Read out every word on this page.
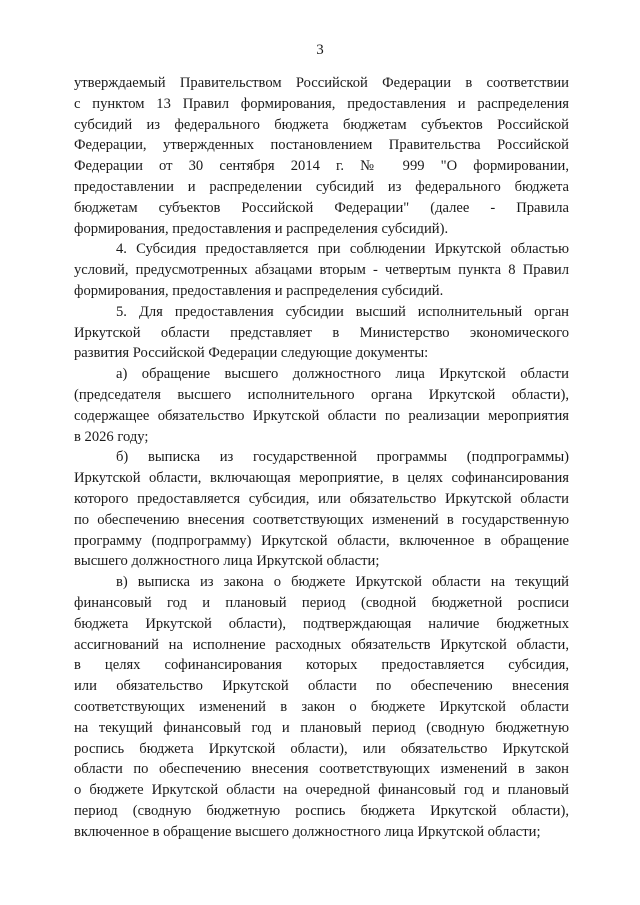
3
утверждаемый Правительством Российской Федерации в соответствии
с пунктом 13 Правил формирования, предоставления и распределения
субсидий из федерального бюджета бюджетам субъектов Российской
Федерации, утвержденных постановлением Правительства Российской
Федерации от 30 сентября 2014 г. № 999 "О формировании,
предоставлении и распределении субсидий из федерального бюджета
бюджетам субъектов Российской Федерации" (далее - Правила
формирования, предоставления и распределения субсидий).
4. Субсидия предоставляется при соблюдении Иркутской областью
условий, предусмотренных абзацами вторым - четвертым пункта 8 Правил
формирования, предоставления и распределения субсидий.
5. Для предоставления субсидии высший исполнительный орган
Иркутской области представляет в Министерство экономического
развития Российской Федерации следующие документы:
а) обращение высшего должностного лица Иркутской области
(председателя высшего исполнительного органа Иркутской области),
содержащее обязательство Иркутской области по реализации мероприятия
в 2026 году;
б) выписка из государственной программы (подпрограммы)
Иркутской области, включающая мероприятие, в целях софинансирования
которого предоставляется субсидия, или обязательство Иркутской области
по обеспечению внесения соответствующих изменений в государственную
программу (подпрограмму) Иркутской области, включенное в обращение
высшего должностного лица Иркутской области;
в) выписка из закона о бюджете Иркутской области на текущий
финансовый год и плановый период (сводной бюджетной росписи
бюджета Иркутской области), подтверждающая наличие бюджетных
ассигнований на исполнение расходных обязательств Иркутской области,
в целях софинансирования которых предоставляется субсидия,
или обязательство Иркутской области по обеспечению внесения
соответствующих изменений в закон о бюджете Иркутской области
на текущий финансовый год и плановый период (сводную бюджетную
роспись бюджета Иркутской области), или обязательство Иркутской
области по обеспечению внесения соответствующих изменений в закон
о бюджете Иркутской области на очередной финансовый год и плановый
период (сводную бюджетную роспись бюджета Иркутской области),
включенное в обращение высшего должностного лица Иркутской области;
